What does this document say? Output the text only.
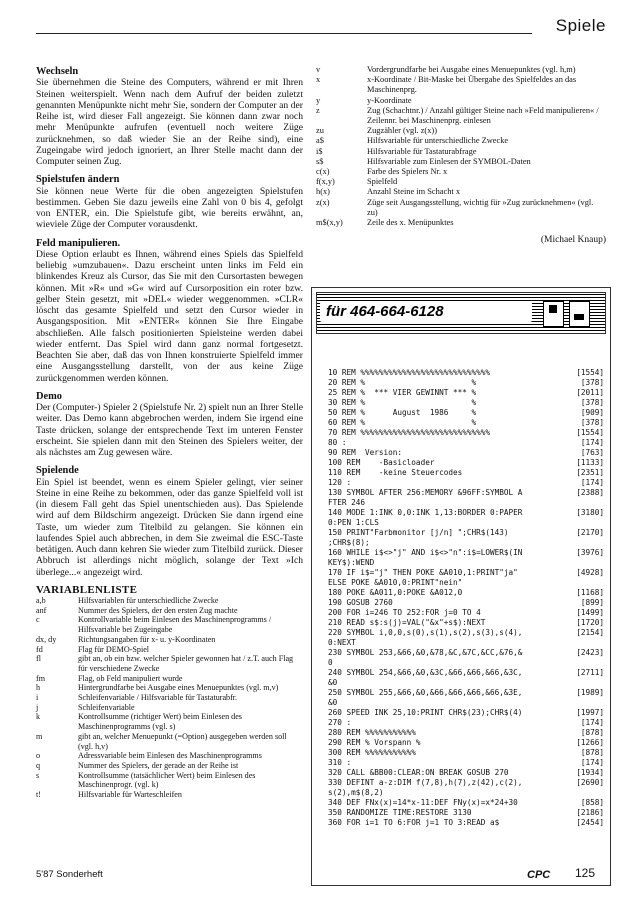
Spiele
Wechseln

Sie übernehmen die Steine des Computers, während er mit Ihren Steinen weiterspielt. Wenn nach dem Aufruf der beiden zuletzt genannten Menüpunkte nicht mehr Sie, sondern der Computer an der Reihe ist, wird dieser Fall angezeigt. Sie können dann zwar noch mehr Menüpunkte aufrufen (eventuell noch weitere Züge zurücknehmen, so daß wieder Sie an der Reihe sind), eine Zugeingabe wird jedoch ignoriert, an Ihrer Stelle macht dann der Computer seinen Zug.

Spielstufen ändern

Sie können neue Werte für die oben angezeigten Spielstufen bestimmen. Geben Sie dazu jeweils eine Zahl von 0 bis 4, gefolgt von ENTER, ein. Die Spielstufe gibt, wie bereits erwähnt, an, wieviele Züge der Computer vorausdenkt.

Feld manipulieren.

Diese Option erlaubt es Ihnen, während eines Spiels das Spielfeld beliebig »umzubauen«. Dazu erscheint unten links im Feld ein blinkendes Kreuz als Cursor, das Sie mit den Cursortasten bewegen können. Mit »R« und »G« wird auf Cursorposition ein roter bzw. gelber Stein gesetzt, mit »DEL« wieder weggenommen. »CLR« löscht das gesamte Spielfeld und setzt den Cursor wieder in Ausgangsposition. Mit »ENTER« können Sie Ihre Eingabe abschließen. Alle falsch positionierten Spielsteine werden dabei wieder entfernt. Das Spiel wird dann ganz normal fortgesetzt. Beachten Sie aber, daß das von Ihnen konstruierte Spielfeld immer eine Ausgangsstellung darstellt, von der aus keine Züge zurückgenommen werden können.

Demo

Der (Computer-) Spieler 2 (Spielstufe Nr. 2) spielt nun an Ihrer Stelle weiter. Das Demo kann abgebrochen werden, indem Sie irgend eine Taste drücken, solange der entsprechende Text im unteren Fenster erscheint. Sie spielen dann mit den Steinen des Spielers weiter, der als nächstes am Zug gewesen wäre.

Spielende

Ein Spiel ist beendet, wenn es einem Spieler gelingt, vier seiner Steine in eine Reihe zu bekommen, oder das ganze Spielfeld voll ist (in diesem Fall geht das Spiel unentschieden aus). Das Spielende wird auf dem Bildschirm angezeigt. Drücken Sie dann irgend eine Taste, um wieder zum Titelbild zu gelangen. Sie können ein laufendes Spiel auch abbrechen, in dem Sie zweimal die ESC-Taste betätigen. Auch dann kehren Sie wieder zum Titelbild zurück. Dieser Abbruch ist allerdings nicht möglich, solange der Text »Ich überlege...« angezeigt wird.

VARIABLENLISTE
a,b	Hilfsvariablen für unterschiedliche Zwecke
anf	Nummer des Spielers, der den ersten Zug machte
c	Kontrollvariable beim Einlesen des Maschinenprogramms / Hilfsvariable bei Zugeingabe
dx, dy	Richtungsangaben für x- u. y-Koordinaten
fd	Flag für DEMO-Spiel
fl	gibt an, ob ein bzw. welcher Spieler gewonnen hat / z.T. auch Flag für verschiedene Zwecke
fm	Flag, ob Feld manipuliert wurde
h	Hintergrundfarbe bei Ausgabe eines Menuepunktes (vgl. m,v)
i	Schleifenvariable / Hilfsvariable für Tastaturabfr.
j	Schleifenvariable
k	Kontrollsumme (richtiger Wert) beim Einlesen des Maschinenprogramms (vgl. s)
m	gibt an, welcher Menuepunkt (=Option) ausgegeben werden soll (vgl. h,v)
o	Adressvariable beim Einlesen des Maschinenprogramms
q	Nummer des Spielers, der gerade an der Reihe ist
s	Kontrollsumme (tatsächlicher Wert) beim Einlesen des Maschinenprogr. (vgl. k)
t!	Hilfsvariable für Warteschleifen
v	Vordergrundfarbe bei Ausgabe eines Menuepunktes (vgl. h,m)
x	x-Koordinate / Bit-Maske bei Übergabe des Spielfeldes an das Maschinenprg.
y	y-Koordinate
z	Zug (Schachtnr.) / Anzahl gültiger Steine nach »Feld manipulieren« / Zeilennr. bei Maschinenprg. einlesen
zu	Zugzähler (vgl. z(x))
a$	Hilfsvariable für unterschiedliche Zwecke
i$	Hilfsvariable für Tastaturabfrage
s$	Hilfsvariable zum Einlesen der SYMBOL-Daten
c(x)	Farbe des Spielers Nr. x
f(x,y)	Spielfeld
h(x)	Anzahl Steine im Schacht x
z(x)	Züge seit Ausgangsstellung, wichtig für »Zug zurücknehmen« (vgl. zu)
m$(x,y)	Zeile des x. Menüpunktes
(Michael Knaup)
für 464-664-6128
10 REM %%%%%%%%%%%%%%%%%%%%%%%%%%%%	[1554]
20 REM %                       %	[378]
25 REM %  *** VIER GEWINNT *** %	[2011]
30 REM %                       %	[378]
50 REM %      August  1986     %	[909]
60 REM %                       %	[378]
70 REM %%%%%%%%%%%%%%%%%%%%%%%%%%%%	[1554]
80 :	[174]
90 REM  Version:	[763]
100 REM    -Basicloader	[1133]
110 REM    -keine Steuercodes	[2351]
120 :	[174]
130 SYMBOL AFTER 256:MEMORY &96FF:SYMBOL A	[2388]
FTER 246
140 MODE 1:INK 0,0:INK 1,13:BORDER 0:PAPER	[3180]
0:PEN 1:CLS
150 PRINT"Farbmonitor [j/n] ";CHR$(143)	[2170]
;CHR$(8);
160 WHILE i$<>"j" AND i$<>"n":i$=LOWER$(IN	[3976]
KEY$):WEND
170 IF i$="j" THEN POKE &A010,1:PRINT"ja"	[4928]
ELSE POKE &A010,0:PRINT"nein"
180 POKE &A011,0:POKE &A012,0	[1168]
190 GOSUB 2760	[899]
200 FOR i=246 TO 252:FOR j=0 TO 4	[1499]
210 READ s$:s(j)=VAL("&x"+s$):NEXT	[1720]
220 SYMBOL i,0,0,s(0),s(1),s(2),s(3),s(4),	[2154]
0:NEXT
230 SYMBOL 253,&66,&0,&78,&C,&7C,&CC,&76,&	[2423]
0
240 SYMBOL 254,&66,&0,&3C,&66,&66,&66,&3C,	[2711]
&0
250 SYMBOL 255,&66,&0,&66,&66,&66,&66,&3E,	[1989]
&0
260 SPEED INK 25,10:PRINT CHR$(23);CHR$(4)	[1997]
270 :	[174]
280 REM %%%%%%%%%%%	[878]
290 REM % Vorspann %	[1266]
300 REM %%%%%%%%%%%	[878]
310 :	[174]
320 CALL &BB00:CLEAR:ON BREAK GOSUB 270	[1934]
330 DEFINT a-z:DIM f(7,8),h(7),z(42),c(2),	[2690]
s(2),m$(8,2)
340 DEF FNx(x)=14*x-11:DEF FNy(x)=x*24+30	[858]
350 RANDOMIZE TIME:RESTORE 3130	[2186]
360 FOR i=1 TO 6:FOR j=1 TO 3:READ a$	[2454]
5'87 Sonderheft	CPC 125
